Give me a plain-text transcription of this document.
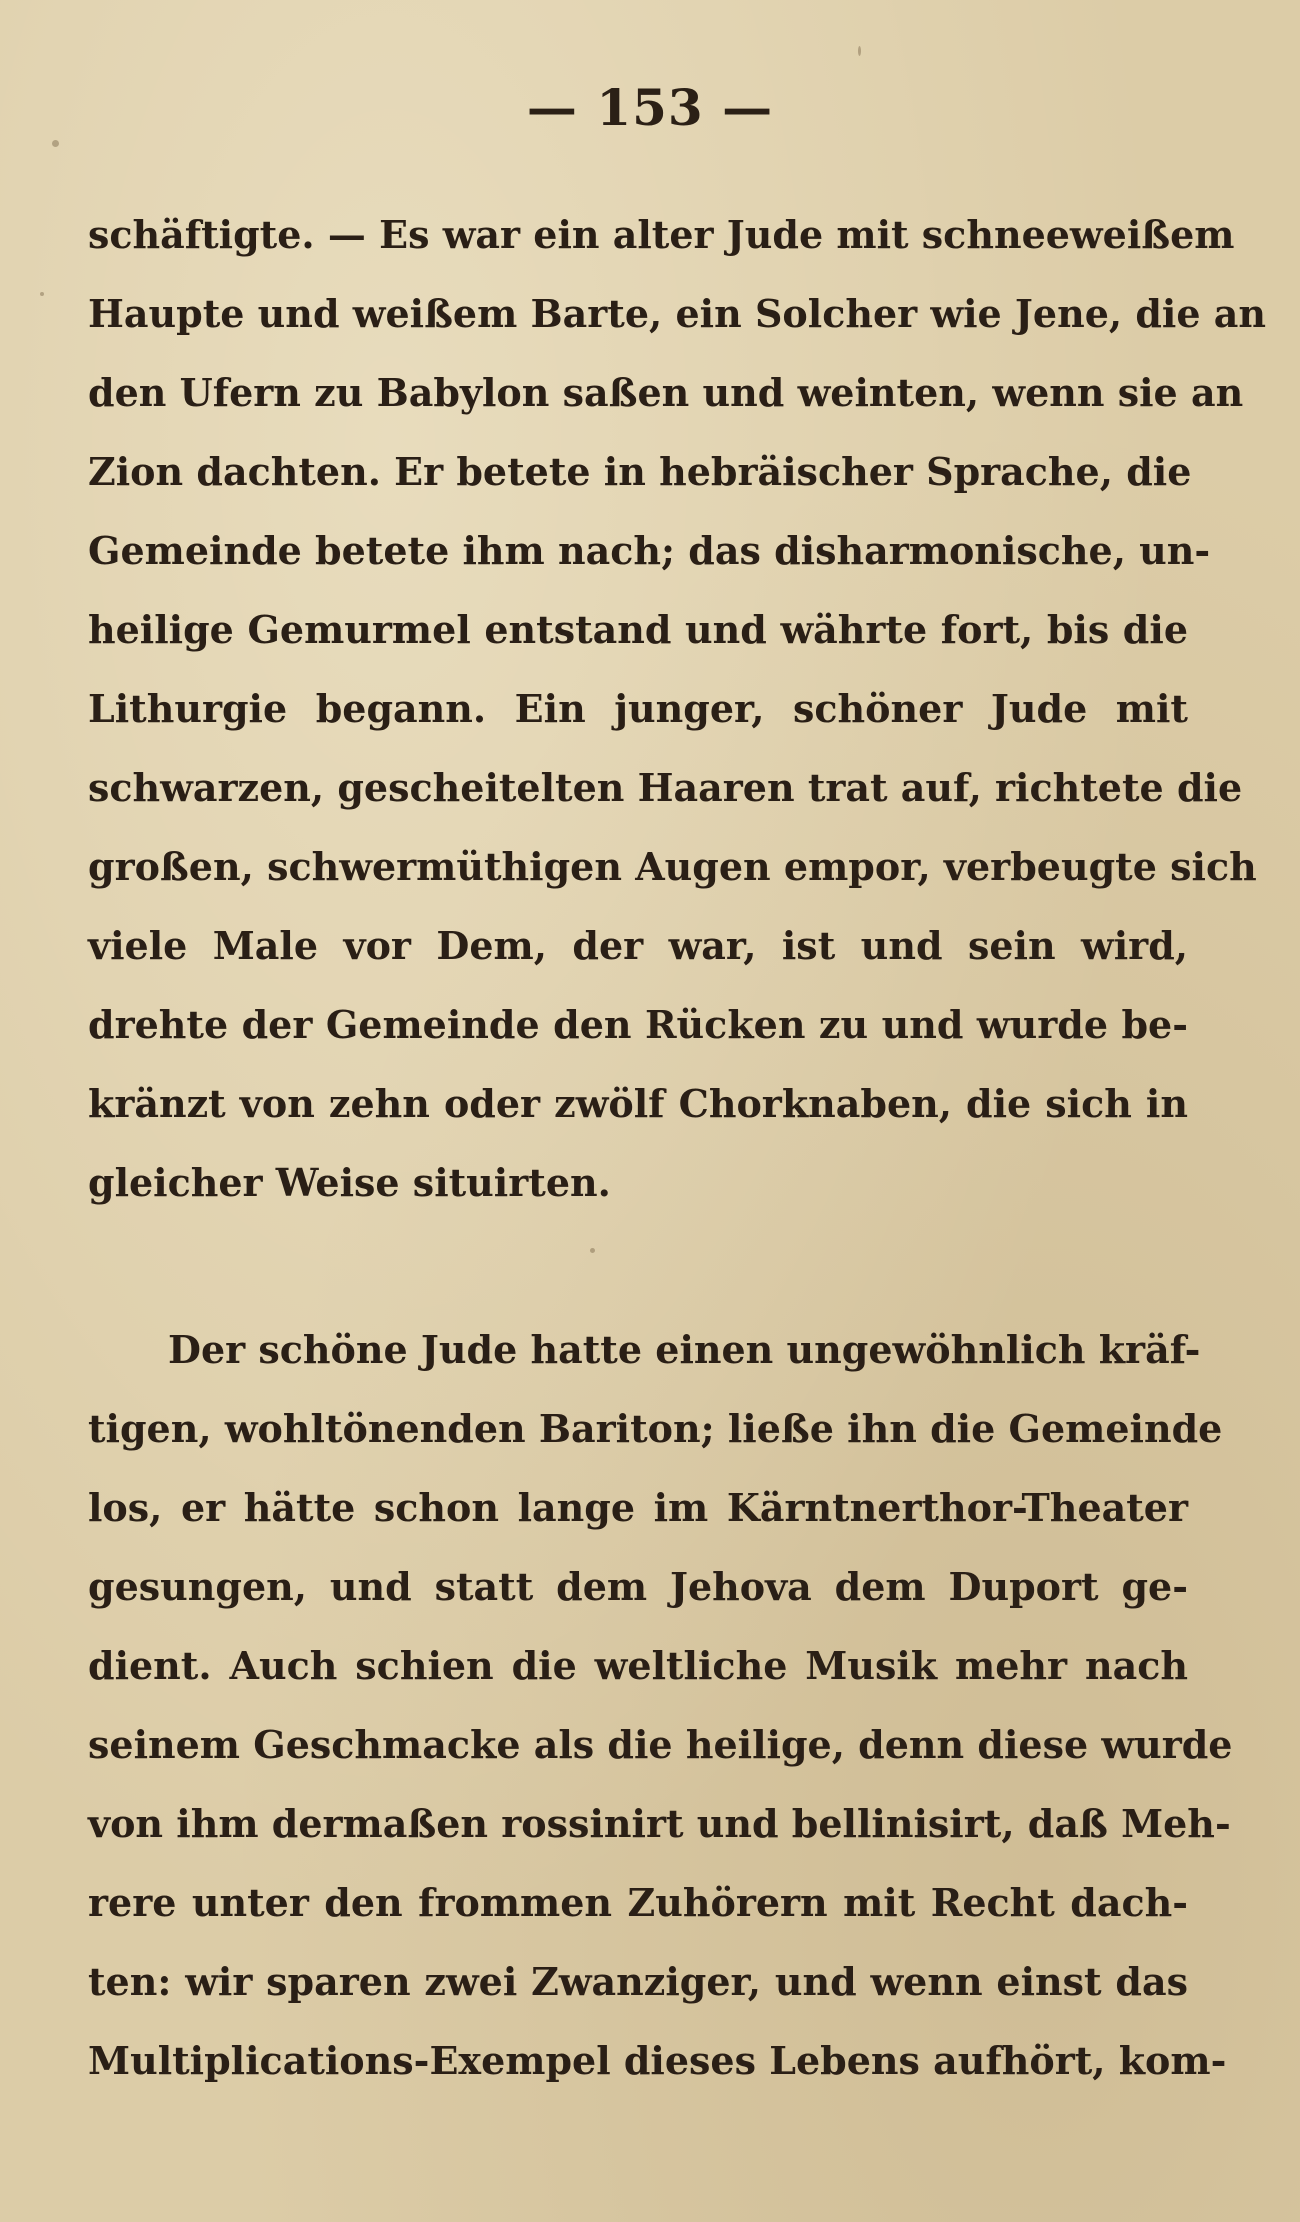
— 153 —
schäftigte. — Es war ein alter Jude mit schneeweißem
Haupte und weißem Barte, ein Solcher wie Jene, die an
den Ufern zu Babylon saßen und weinten, wenn sie an
Zion dachten. Er betete in hebräischer Sprache, die
Gemeinde betete ihm nach; das disharmonische, un-
heilige Gemurmel entstand und währte fort, bis die
Lithurgie begann. Ein junger, schöner Jude mit
schwarzen, gescheitelten Haaren trat auf, richtete die
großen, schwermüthigen Augen empor, verbeugte sich
viele Male vor Dem, der war, ist und sein wird,
drehte der Gemeinde den Rücken zu und wurde be-
kränzt von zehn oder zwölf Chorknaben, die sich in
gleicher Weise situirten.
Der schöne Jude hatte einen ungewöhnlich kräf-
tigen, wohltönenden Bariton; ließe ihn die Gemeinde
los, er hätte schon lange im Kärntnerthor-Theater
gesungen, und statt dem Jehova dem Duport ge-
dient. Auch schien die weltliche Musik mehr nach
seinem Geschmacke als die heilige, denn diese wurde
von ihm dermaßen rossinirt und bellinisirt, daß Meh-
rere unter den frommen Zuhörern mit Recht dach-
ten: wir sparen zwei Zwanziger, und wenn einst das
Multiplications-Exempel dieses Lebens aufhört, kom-
